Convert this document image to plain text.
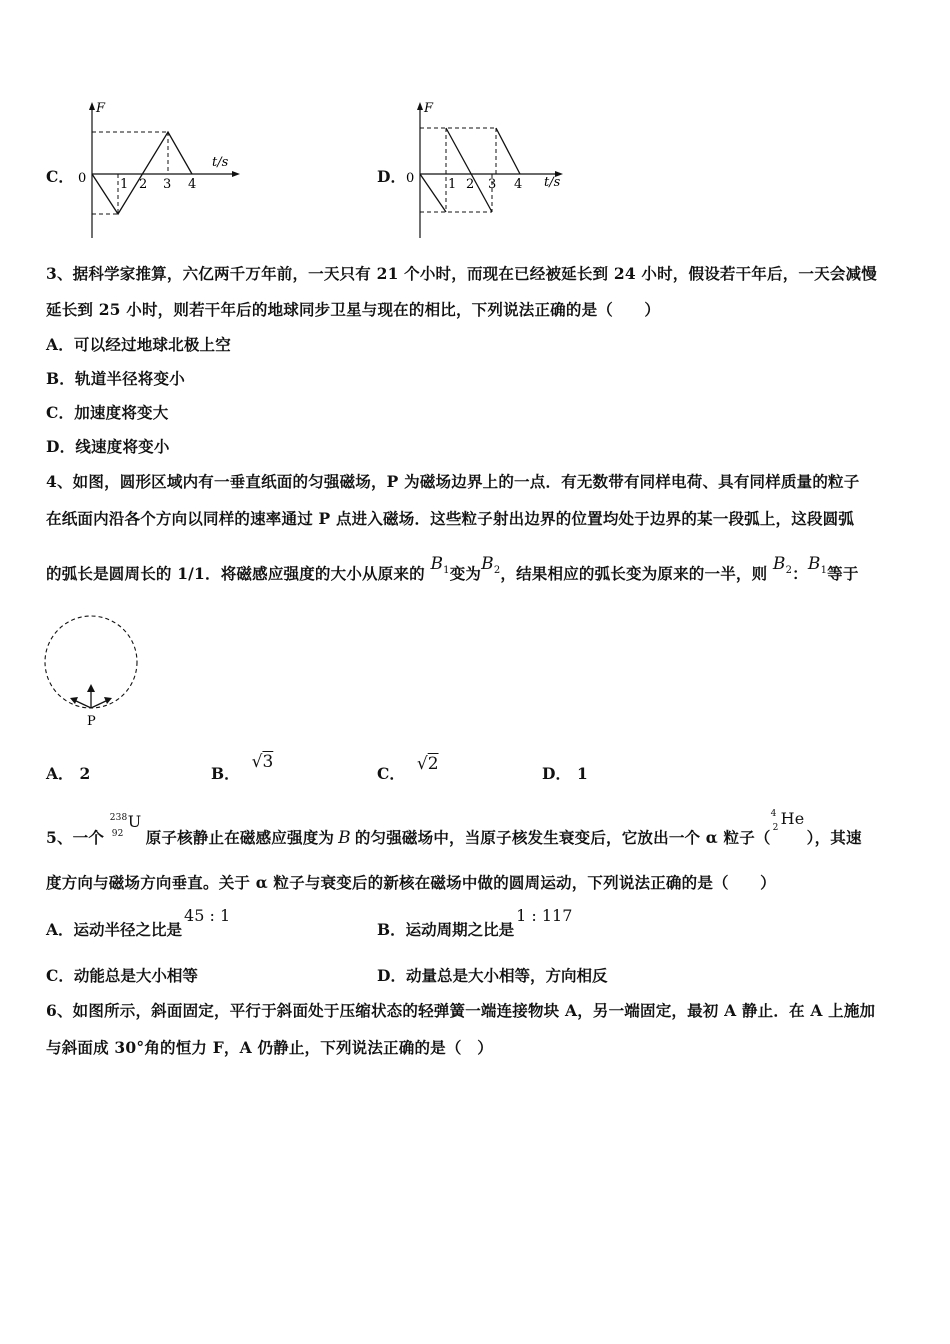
C．
F
t/s
0	1 2 3 4	D．
F
t/s
0	1 2 3 4
3、据科学家推算，六亿两千万年前，一天只有 21 个小时，而现在已经被延长到 24 小时，假设若干年后，一天会减慢
延长到 25 小时，则若干年后的地球同步卫星与现在的相比，下列说法正确的是（　　）
A．可以经过地球北极上空
B．轨道半径将变小
C．加速度将变大
D．线速度将变小
4、如图，圆形区域内有一垂直纸面的匀强磁场，P 为磁场边界上的一点．有无数带有同样电荷、具有同样质量的粒子
在纸面内沿各个方向以同样的速率通过 P 点进入磁场．这些粒子射出边界的位置均处于边界的某一段弧上，这段圆弧
的弧长是圆周长的 1/1．将磁感应强度的大小从原来的 $B_1$变为$B_2$，结果相应的弧长变为原来的一半，则 $B_2$：$B_1$等于
P
A． 2	B．√3
C． √2	D． 1
5、一个
238
92
U
原子核静止在磁感应强度为 B 的匀强磁场中，当原子核发生衰变后，它放出一个 α 粒子（
4
2 He
），其速
度方向与磁场方向垂直。关于 α 粒子与衰变后的新核在磁场中做的圆周运动，下列说法正确的是（　　）
A．运动半径之比是45 : 1
B．运动周期之比是1 : 117
C．动能总是大小相等	D．动量总是大小相等，方向相反
6、如图所示，斜面固定，平行于斜面处于压缩状态的轻弹簧一端连接物块 A，另一端固定，最初 A 静止．在 A 上施加
与斜面成 30°角的恒力 F，A 仍静止，下列说法正确的是（　）
